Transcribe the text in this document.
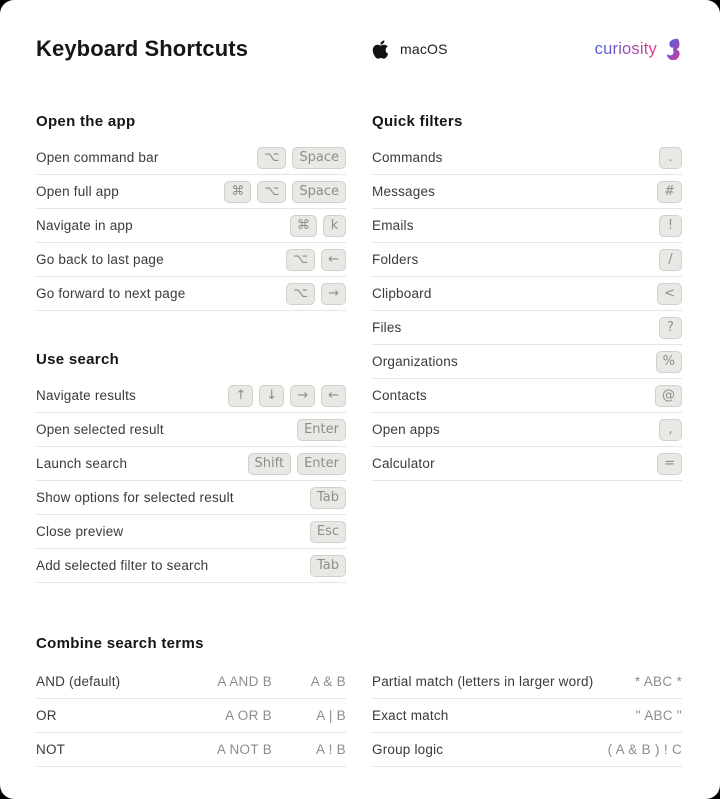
Keyboard Shortcuts	macOS	curiosity
Open the app
Open command bar	⌥	Space
Open full app	⌘	⌥	Space
Navigate in app	⌘	k
Go back to last page	⌥	←
Go forward to next page	⌥	→
Use search
Navigate results	↑	↓	→	←
Open selected result	Enter
Launch search	Shift	Enter
Show options for selected result	Tab
Close preview	Esc
Add selected filter to search	Tab
Quick filters
Commands	.
Messages	#
Emails	!
Folders	/
Clipboard	<
Files	?
Organizations	%
Contacts	@
Open apps	,
Calculator	=
Combine search terms
AND (default)	A AND B	A & B
OR	A OR B	A | B
NOT	A NOT B	A ! B
Partial match (letters in larger word)	* ABC *
Exact match	" ABC "
Group logic	( A & B ) ! C
